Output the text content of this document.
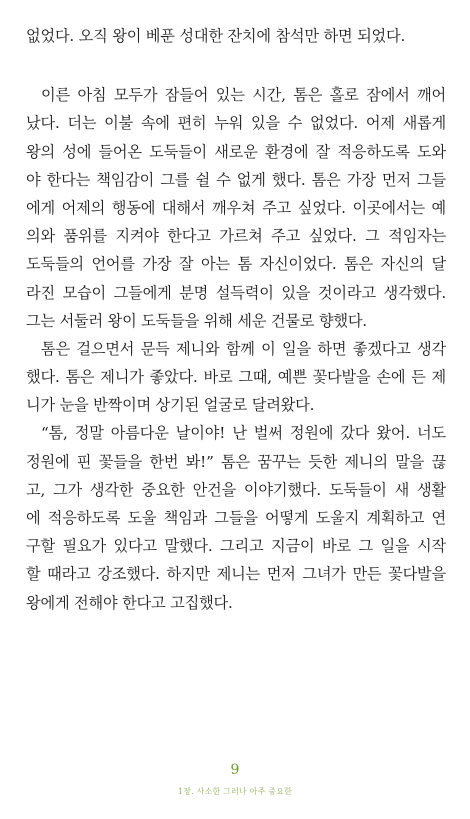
없었다. 오직 왕이 베푼 성대한 잔치에 참석만 하면 되었다.
이른 아침 모두가 잠들어 있는 시간, 톰은 홀로 잠에서 깨어
났다. 더는 이불 속에 편히 누워 있을 수 없었다. 어제 새롭게
왕의 성에 들어온 도둑들이 새로운 환경에 잘 적응하도록 도와
야 한다는 책임감이 그를 쉴 수 없게 했다. 톰은 가장 먼저 그들
에게 어제의 행동에 대해서 깨우쳐 주고 싶었다. 이곳에서는 예
의와 품위를 지켜야 한다고 가르쳐 주고 싶었다. 그 적임자는
도둑들의 언어를 가장 잘 아는 톰 자신이었다. 톰은 자신의 달
라진 모습이 그들에게 분명 설득력이 있을 것이라고 생각했다.
그는 서둘러 왕이 도둑들을 위해 세운 건물로 향했다.
톰은 걸으면서 문득 제니와 함께 이 일을 하면 좋겠다고 생각
했다. 톰은 제니가 좋았다. 바로 그때, 예쁜 꽃다발을 손에 든 제
니가 눈을 반짝이며 상기된 얼굴로 달려왔다.
“톰, 정말 아름다운 날이야! 난 벌써 정원에 갔다 왔어. 너도
정원에 핀 꽃들을 한번 봐!” 톰은 꿈꾸는 듯한 제니의 말을 끊
고, 그가 생각한 중요한 안건을 이야기했다. 도둑들이 새 생활
에 적응하도록 도울 책임과 그들을 어떻게 도울지 계획하고 연
구할 필요가 있다고 말했다. 그리고 지금이 바로 그 일을 시작
할 때라고 강조했다. 하지만 제니는 먼저 그녀가 만든 꽃다발을
왕에게 전해야 한다고 고집했다.
9
1장. 사소한 그러나 아주 중요한
